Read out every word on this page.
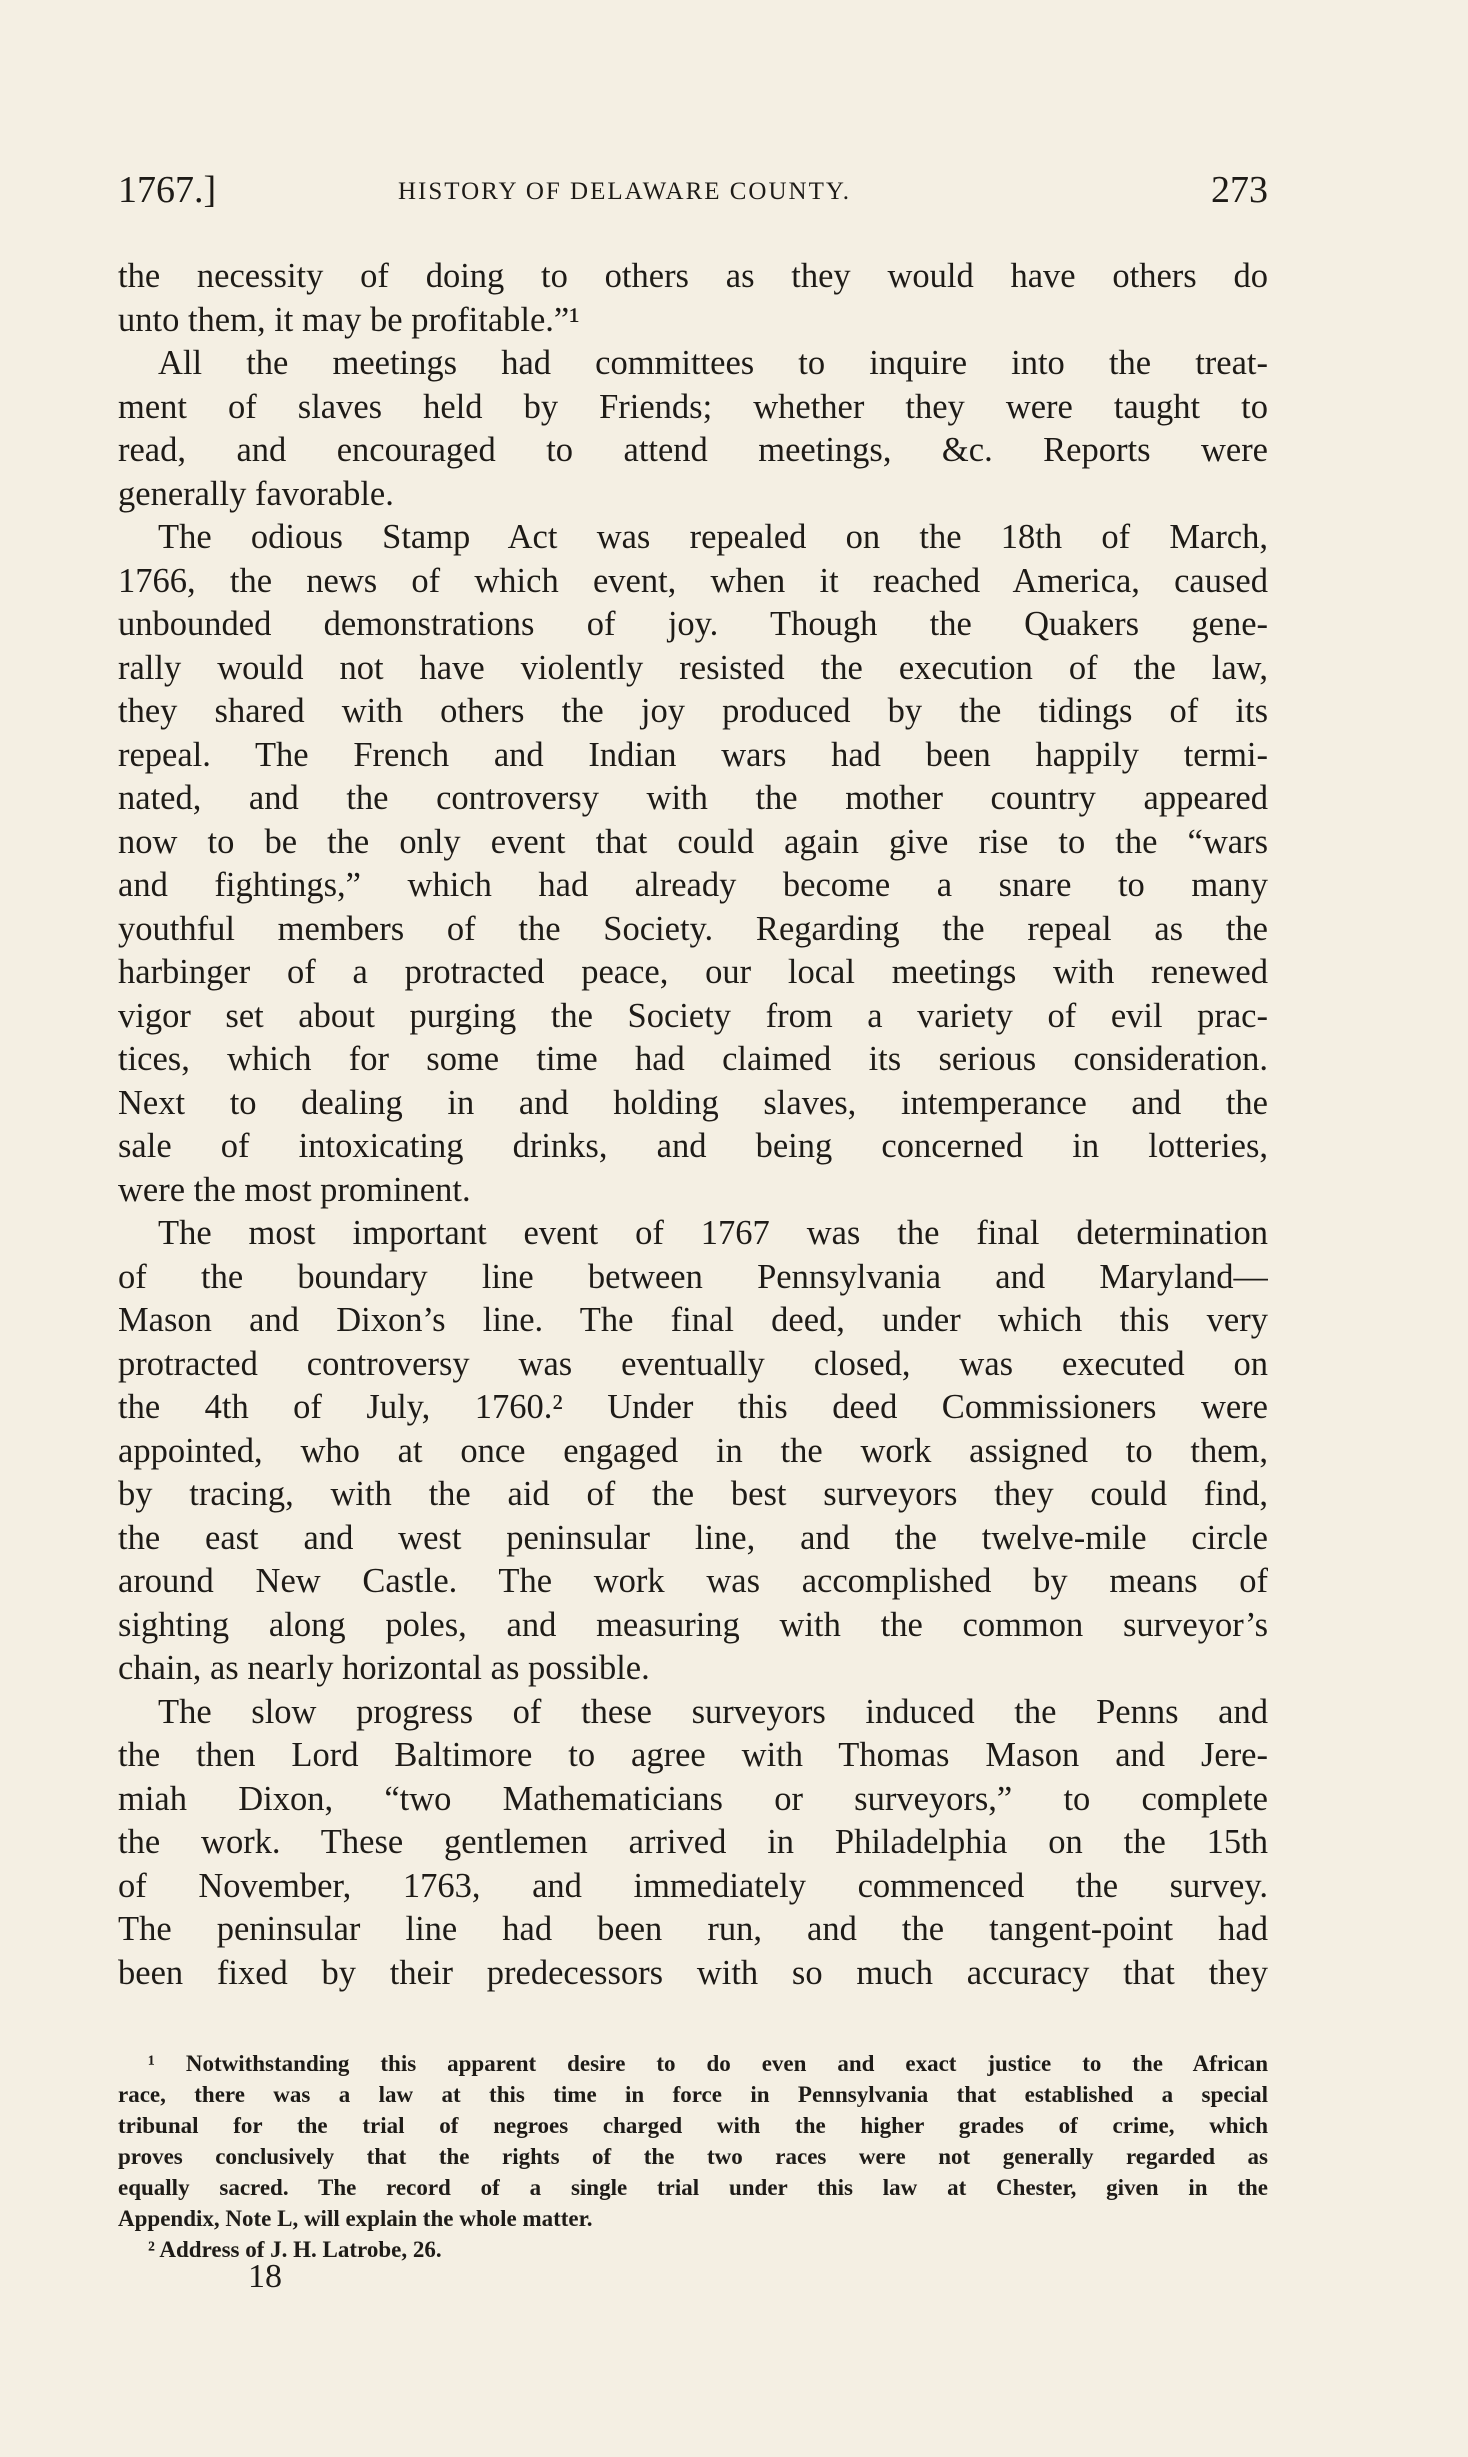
1767.]	HISTORY OF DELAWARE COUNTY.	273
the necessity of doing to others as they would have others do
unto them, it may be profitable.”¹
All the meetings had committees to inquire into the treat-
ment of slaves held by Friends; whether they were taught to
read, and encouraged to attend meetings, &c. Reports were
generally favorable.
The odious Stamp Act was repealed on the 18th of March,
1766, the news of which event, when it reached America, caused
unbounded demonstrations of joy. Though the Quakers gene-
rally would not have violently resisted the execution of the law,
they shared with others the joy produced by the tidings of its
repeal. The French and Indian wars had been happily termi-
nated, and the controversy with the mother country appeared
now to be the only event that could again give rise to the “wars
and fightings,” which had already become a snare to many
youthful members of the Society. Regarding the repeal as the
harbinger of a protracted peace, our local meetings with renewed
vigor set about purging the Society from a variety of evil prac-
tices, which for some time had claimed its serious consideration.
Next to dealing in and holding slaves, intemperance and the
sale of intoxicating drinks, and being concerned in lotteries,
were the most prominent.
The most important event of 1767 was the final determination
of the boundary line between Pennsylvania and Maryland—
Mason and Dixon’s line. The final deed, under which this very
protracted controversy was eventually closed, was executed on
the 4th of July, 1760.² Under this deed Commissioners were
appointed, who at once engaged in the work assigned to them,
by tracing, with the aid of the best surveyors they could find,
the east and west peninsular line, and the twelve-mile circle
around New Castle. The work was accomplished by means of
sighting along poles, and measuring with the common surveyor’s
chain, as nearly horizontal as possible.
The slow progress of these surveyors induced the Penns and
the then Lord Baltimore to agree with Thomas Mason and Jere-
miah Dixon, “two Mathematicians or surveyors,” to complete
the work. These gentlemen arrived in Philadelphia on the 15th
of November, 1763, and immediately commenced the survey.
The peninsular line had been run, and the tangent-point had
been fixed by their predecessors with so much accuracy that they
¹ Notwithstanding this apparent desire to do even and exact justice to the African
race, there was a law at this time in force in Pennsylvania that established a special
tribunal for the trial of negroes charged with the higher grades of crime, which
proves conclusively that the rights of the two races were not generally regarded as
equally sacred. The record of a single trial under this law at Chester, given in the
Appendix, Note L, will explain the whole matter.
² Address of J. H. Latrobe, 26.
18
